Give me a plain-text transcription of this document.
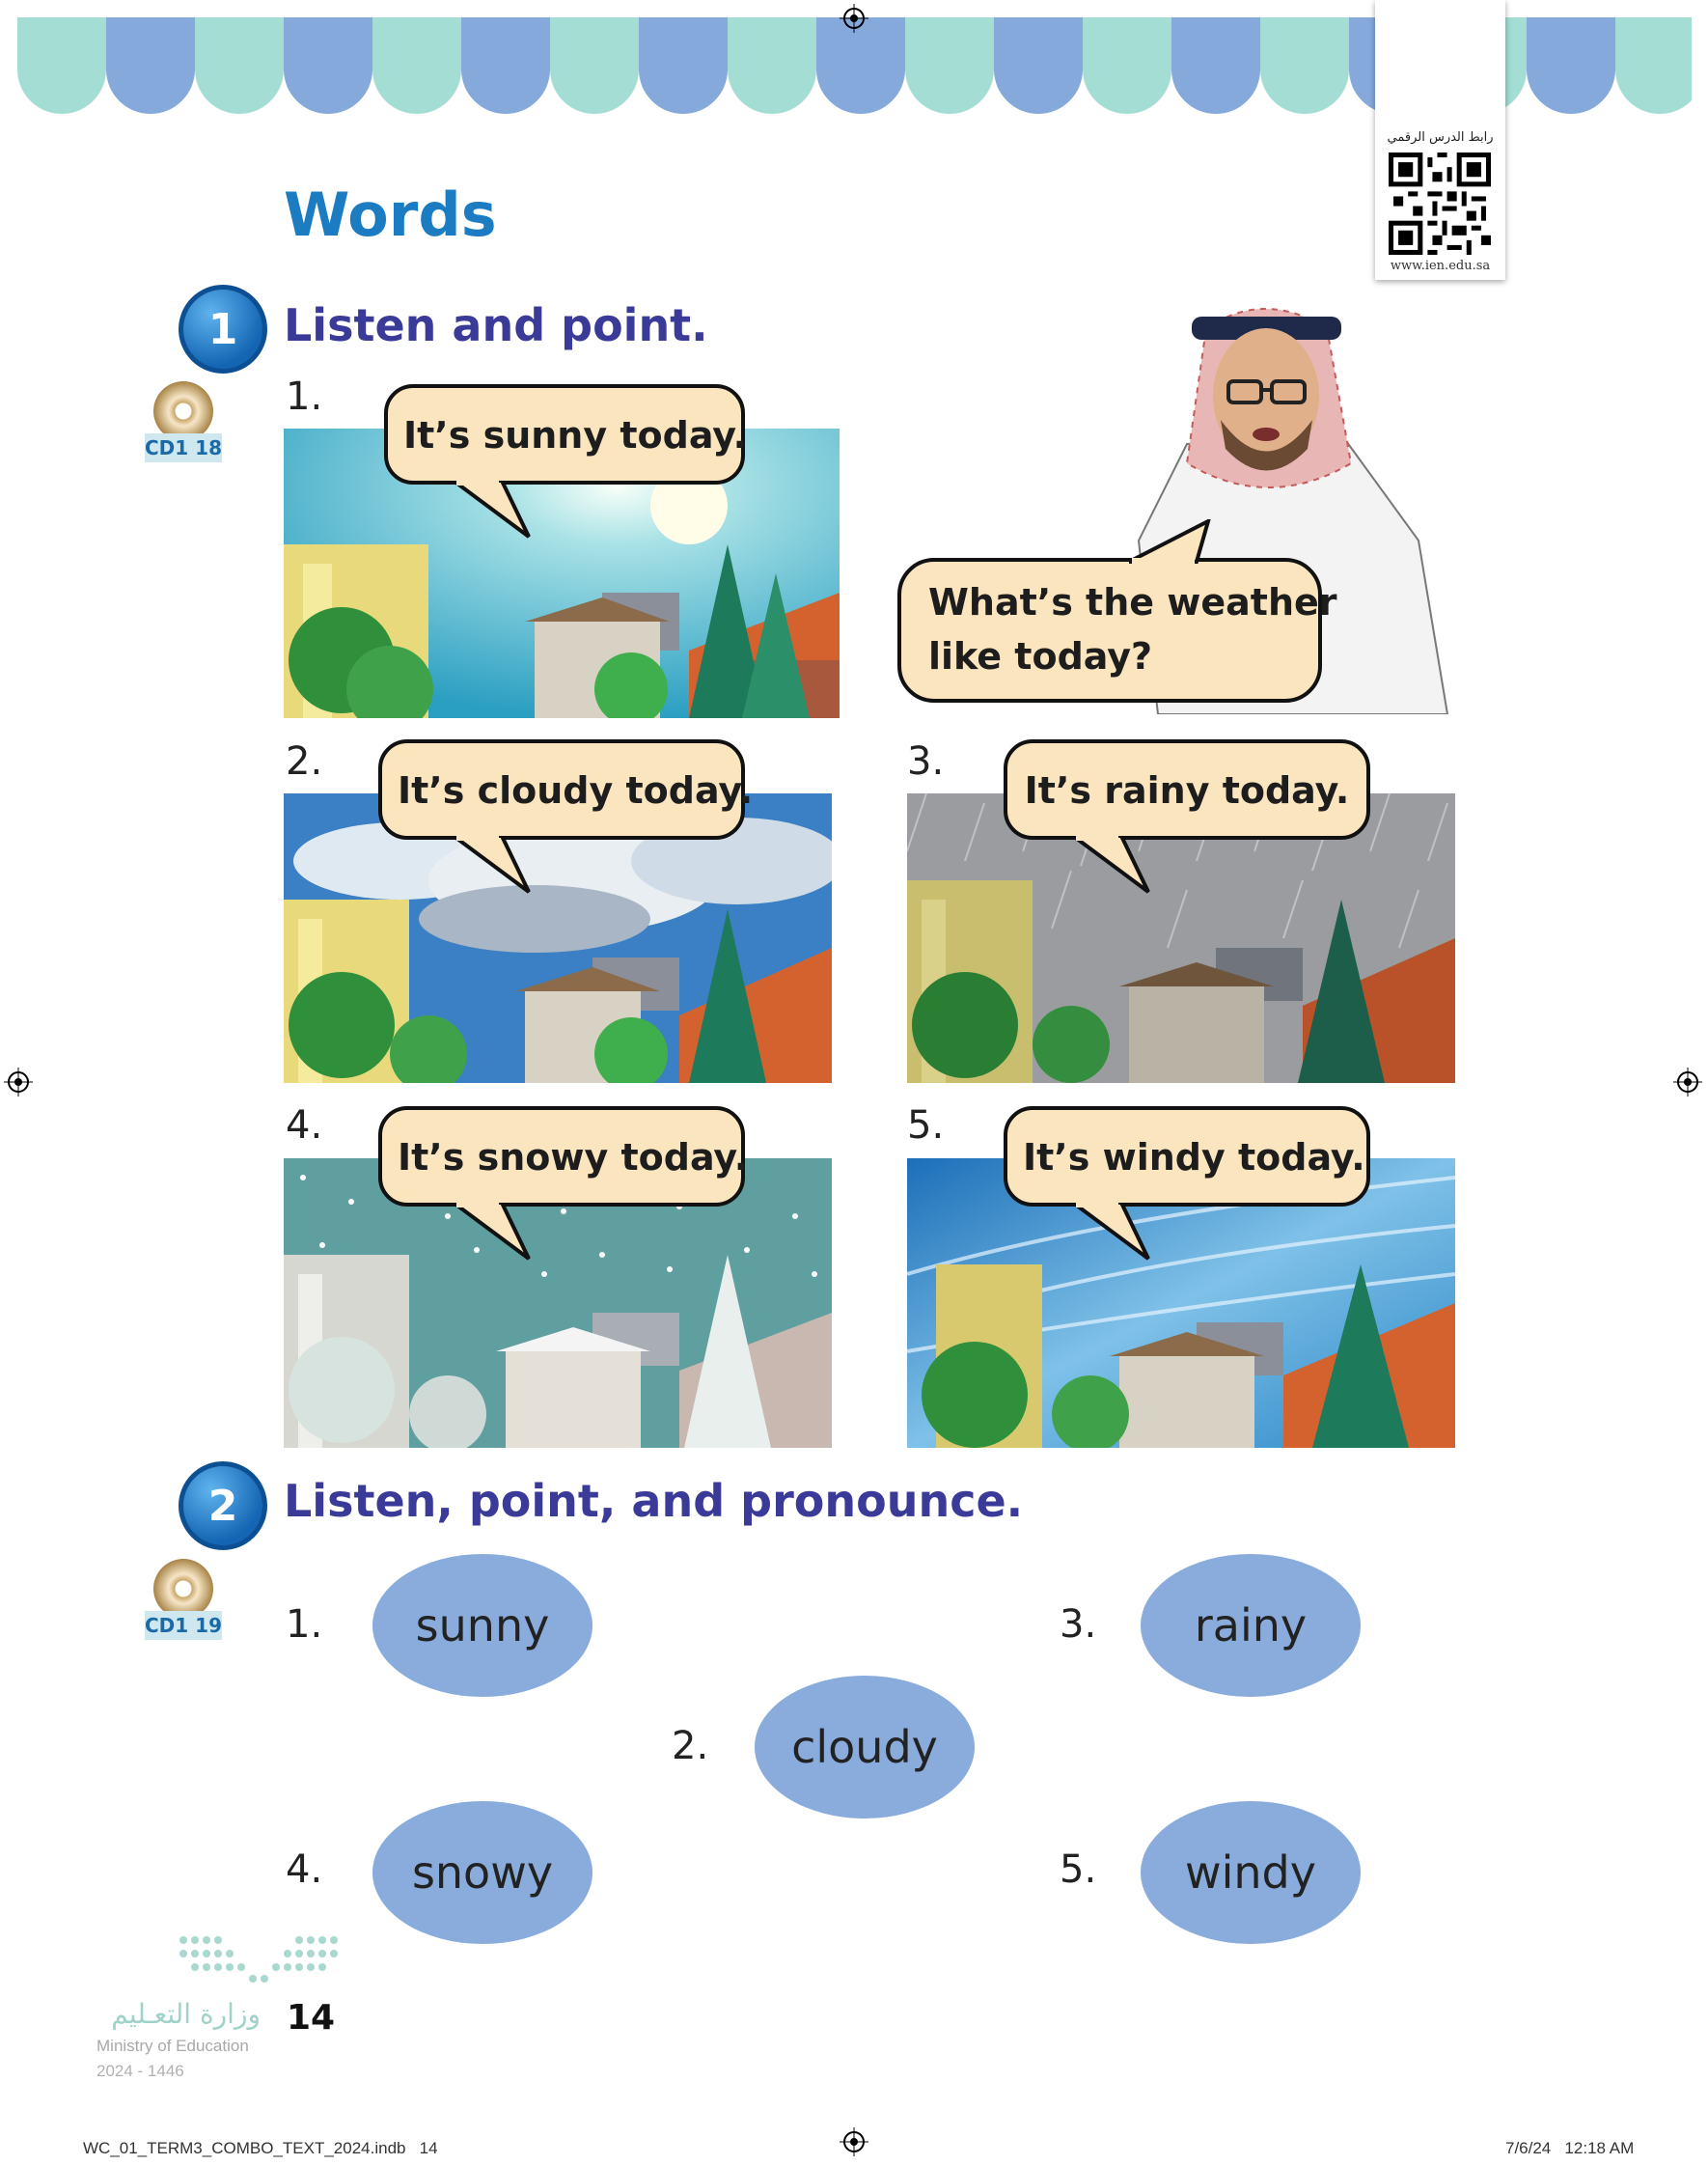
رابط الدرس الرقمي
www.ien.edu.sa
Words
1	Listen and point.
CD1 18
1.
It’s sunny today.
What’s the weather
like today?
2.
It’s cloudy today.
3.
It’s rainy today.
4.
It’s snowy today.
5.
It’s windy today.
2	Listen, point, and pronounce.
CD1 19 1.	sunny
2.	cloudy
3.	rainy
4.	snowy	5.	windy
وزارة التعـليم
Ministry of Education
2024 - 1446
14
WC_01_TERM3_COMBO_TEXT_2024.indb   14	7/6/24   12:18 AM
